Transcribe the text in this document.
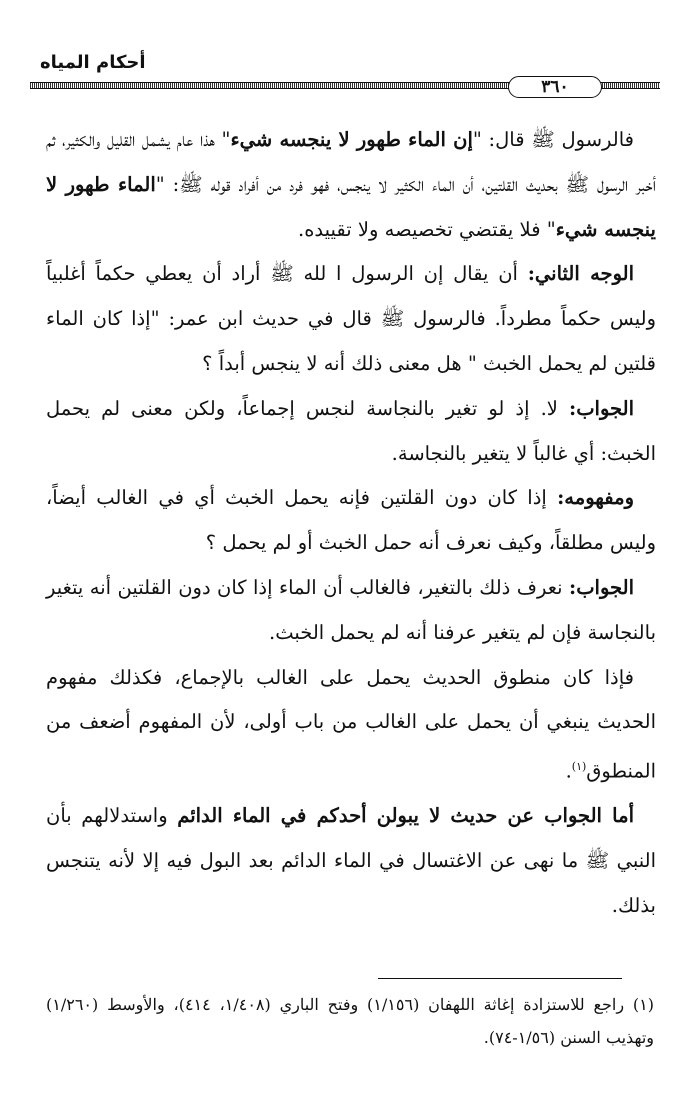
أحكام المياه
٣٦٠

فالرسول ﷺ قال: "إن الماء طهور لا ينجسه شيء" هذا عام يشمل القليل والكثير، ثم أخبر الرسول ﷺ بحديث القلتين، أن الماء الكثير لا ينجس، فهو فرد من أفراد قوله ﷺ: "الماء طهور لا ينجسه شيء" فلا يقتضي تخصيصه ولا تقييده.

الوجه الثاني: أن يقال إن الرسول ا لله ﷺ أراد أن يعطي حكماً أغلبياً وليس حكماً مطرداً. فالرسول ﷺ قال في حديث ابن عمر: "إذا كان الماء قلتين لم يحمل الخبث " هل معنى ذلك أنه لا ينجس أبداً ؟

الجواب: لا. إذ لو تغير بالنجاسة لنجس إجماعاً، ولكن معنى لم يحمل الخبث: أي غالباً لا يتغير بالنجاسة.

ومفهومه: إذا كان دون القلتين فإنه يحمل الخبث أي في الغالب أيضاً، وليس مطلقاً، وكيف نعرف أنه حمل الخبث أو لم يحمل ؟

الجواب: نعرف ذلك بالتغير، فالغالب أن الماء إذا كان دون القلتين أنه يتغير بالنجاسة فإن لم يتغير عرفنا أنه لم يحمل الخبث.

فإذا كان منطوق الحديث يحمل على الغالب بالإجماع، فكذلك مفهوم الحديث ينبغي أن يحمل على الغالب من باب أولى، لأن المفهوم أضعف من المنطوق$^{(١)}$.

أما الجواب عن حديث لا يبولن أحدكم في الماء الدائم واستدلالهم بأن النبي ﷺ ما نهى عن الاغتسال في الماء الدائم بعد البول فيه إلا لأنه يتنجس بذلك.

(١) راجع للاستزادة إغاثة اللهفان (١/١٥٦) وفتح الباري (١/٤٠٨، ٤١٤)، والأوسط (١/٢٦٠) وتهذيب السنن (١/٥٦-٧٤).
